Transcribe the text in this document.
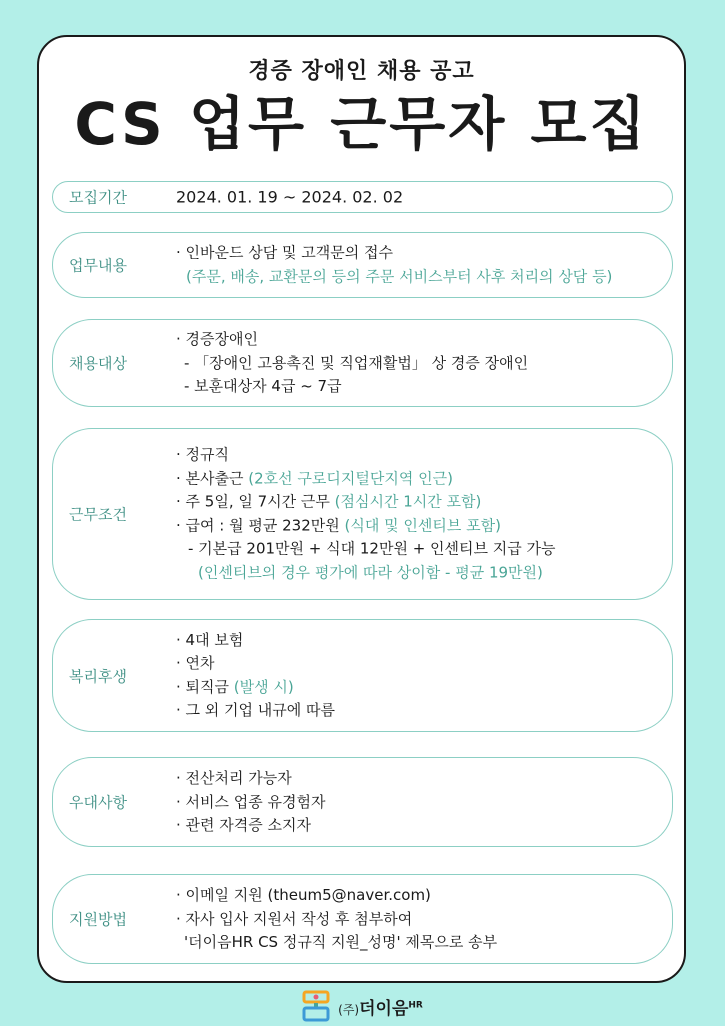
경증 장애인 채용 공고
CS 업무 근무자 모집
모집기간	2024. 01. 19 ~ 2024. 02. 02
업무내용
· 인바운드 상담 및 고객문의 접수
(주문, 배송, 교환문의 등의 주문 서비스부터 사후 처리의 상담 등)
채용대상
· 경증장애인
- 「장애인 고용촉진 및 직업재활법」 상 경증 장애인
- 보훈대상자 4급 ~ 7급
근무조건
· 정규직
· 본사출근 (2호선 구로디지털단지역 인근)
· 주 5일, 일 7시간 근무 (점심시간 1시간 포함)
· 급여 : 월 평균 232만원 (식대 및 인센티브 포함)
- 기본급 201만원 + 식대 12만원 + 인센티브 지급 가능
(인센티브의 경우 평가에 따라 상이함 - 평균 19만원)
복리후생
· 4대 보험
· 연차
· 퇴직금 (발생 시)
· 그 외 기업 내규에 따름
우대사항
· 전산처리 가능자
· 서비스 업종 유경험자
· 관련 자격증 소지자
지원방법
· 이메일 지원 (theum5@naver.com)
· 자사 입사 지원서 작성 후 첨부하여
'더이음HR CS 정규직 지원_성명' 제목으로 송부
(주)더이음$^{HR}$
